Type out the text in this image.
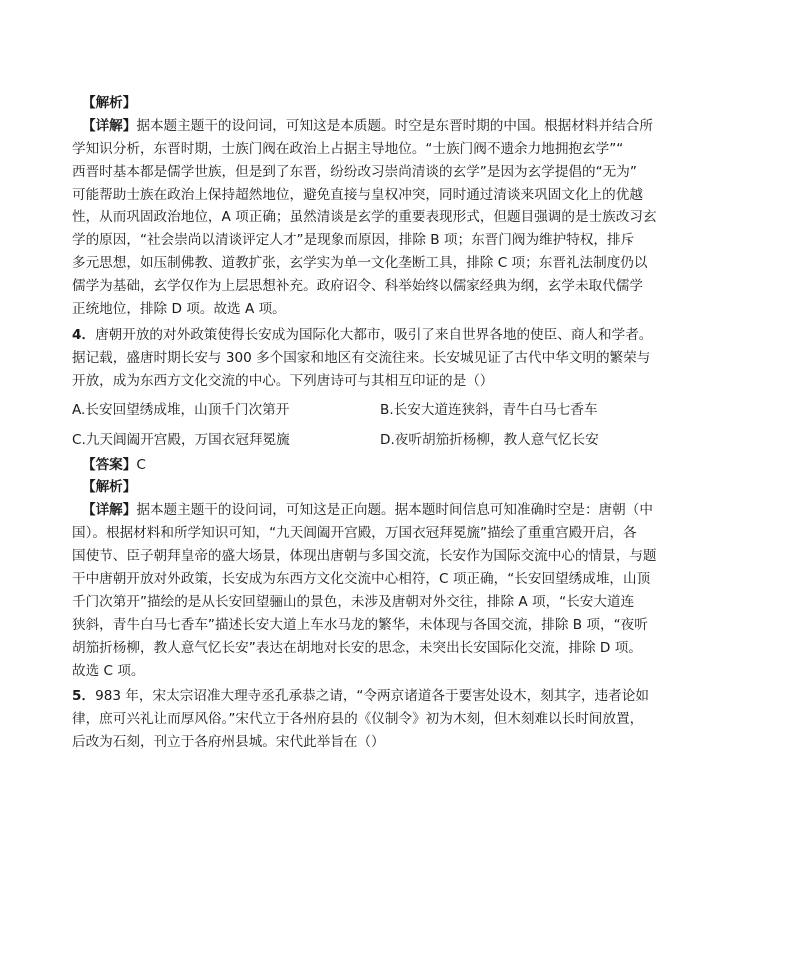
【解析】
【详解】据本题主题干的设问词，可知这是本质题。时空是东晋时期的中国。根据材料并结合所
学知识分析，东晋时期，士族门阀在政治上占据主导地位。“士族门阀不遗余力地拥抱玄学”“
西晋时基本都是儒学世族，但是到了东晋，纷纷改习崇尚清谈的玄学”是因为玄学提倡的“无为”
可能帮助士族在政治上保持超然地位，避免直接与皇权冲突，同时通过清谈来巩固文化上的优越
性，从而巩固政治地位，A 项正确；虽然清谈是玄学的重要表现形式，但题目强调的是士族改习玄
学的原因，“社会崇尚以清谈评定人才”是现象而原因，排除 B 项；东晋门阀为维护特权，排斥
多元思想，如压制佛教、道教扩张，玄学实为单一文化垄断工具，排除 C 项；东晋礼法制度仍以
儒学为基础，玄学仅作为上层思想补充。政府诏令、科举始终以儒家经典为纲，玄学未取代儒学
正统地位，排除 D 项。故选 A 项。
4．唐朝开放的对外政策使得长安成为国际化大都市，吸引了来自世界各地的使臣、商人和学者。
据记载，盛唐时期长安与 300 多个国家和地区有交流往来。长安城见证了古代中华文明的繁荣与
开放，成为东西方文化交流的中心。下列唐诗可与其相互印证的是（）
A.长安回望绣成堆，山顶千门次第开	B.长安大道连狭斜，青牛白马七香车
C.九天阊阖开宫殿，万国衣冠拜冕旒	D.夜听胡笳折杨柳，教人意气忆长安
【答案】C
【解析】
【详解】据本题主题干的设问词，可知这是正向题。据本题时间信息可知准确时空是：唐朝（中
国）。根据材料和所学知识可知，“九天阊阖开宫殿，万国衣冠拜冕旒”描绘了重重宫殿开启，各
国使节、臣子朝拜皇帝的盛大场景，体现出唐朝与多国交流，长安作为国际交流中心的情景，与题
干中唐朝开放对外政策，长安成为东西方文化交流中心相符，C 项正确，“长安回望绣成堆，山顶
千门次第开”描绘的是从长安回望骊山的景色，未涉及唐朝对外交往，排除 A 项，“长安大道连
狭斜，青牛白马七香车”描述长安大道上车水马龙的繁华，未体现与各国交流，排除 B 项，“夜听
胡笳折杨柳，教人意气忆长安”表达在胡地对长安的思念，未突出长安国际化交流，排除 D 项。
故选 C 项。
5．983 年，宋太宗诏准大理寺丞孔承恭之请，“令两京诸道各于要害处设木，刻其字，违者论如
律，庶可兴礼让而厚风俗。”宋代立于各州府县的《仪制令》初为木刻，但木刻难以长时间放置，
后改为石刻，刊立于各府州县城。宋代此举旨在（）
